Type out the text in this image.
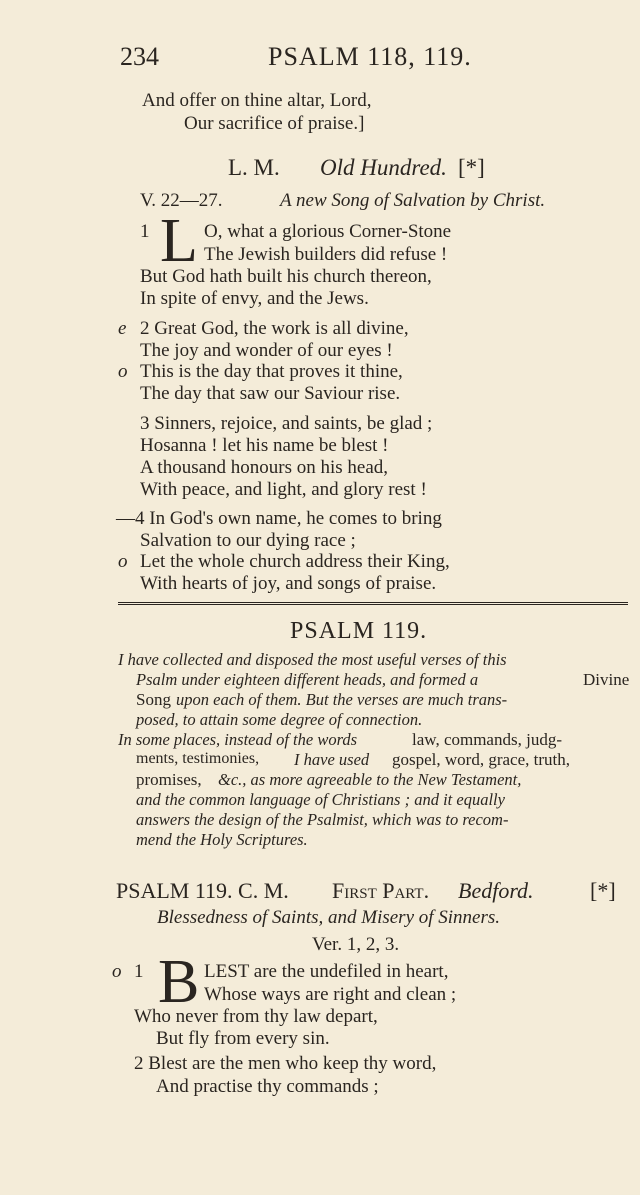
234	PSALM 118, 119.
And offer on thine altar, Lord,
Our sacrifice of praise.]
L. M. Old Hundred. [*]
V. 22—27.	A new Song of Salvation by Christ.
1 L O, what a glorious Corner-Stone
The Jewish builders did refuse !
But God hath built his church thereon,
In spite of envy, and the Jews.
e 2 Great God, the work is all divine,
The joy and wonder of our eyes !
o This is the day that proves it thine,
The day that saw our Saviour rise.
3 Sinners, rejoice, and saints, be glad ;
Hosanna ! let his name be blest !
A thousand honours on his head,
With peace, and light, and glory rest !
—4 In God's own name, he comes to bring
Salvation to our dying race ;
o Let the whole church address their King,
With hearts of joy, and songs of praise.
PSALM 119.
I have collected and disposed the most useful verses of this
Psalm under eighteen different heads, and formed a	Divine
Song upon each of them. But the verses are much trans-
posed, to attain some degree of connection.
In some places, instead of the words	law, commands, judg-
ments, testimonies, I have used gospel, word, grace, truth,
promises, &c., as more agreeable to the New Testament,
and the common language of Christians ; and it equally
answers the design of the Psalmist, which was to recom-
mend the Holy Scriptures.
PSALM 119. C. M. First Part. Bedford.	[*]
Blessedness of Saints, and Misery of Sinners.
Ver. 1, 2, 3.
o 1 B LEST are the undefiled in heart,
Whose ways are right and clean ;
Who never from thy law depart,
But fly from every sin.
2 Blest are the men who keep thy word,
And practise thy commands ;
